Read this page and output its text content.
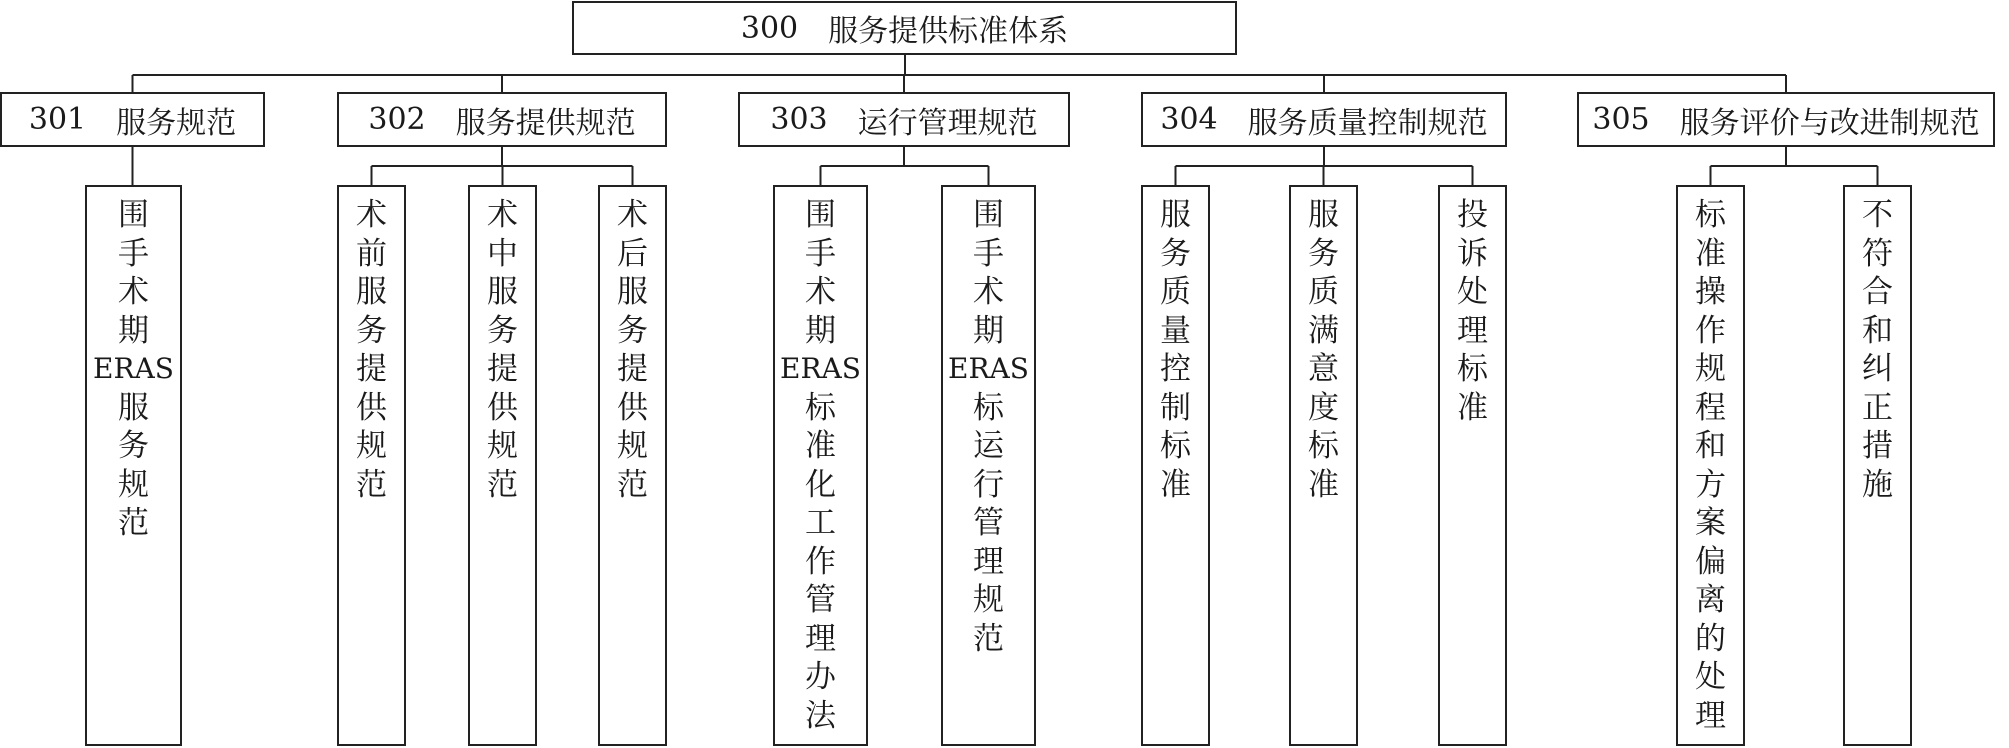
300 服务提供标准体系
301 服务规范
围
手
术
期
ERAS
服
务
规
范
302 服务提供规范
术
前
服
务
提
供
规
范
术
中
服
务
提
供
规
范
术
后
服
务
提
供
规
范
303 运行管理规范
围
手
术
期
ERAS
标
准
化
工
作
管
理
办
法
围
手
术
期
ERAS
标
运
行
管
理
规
范
304 服务质量控制规范
服
务
质
量
控
制
标
准
服
务
质
满
意
度
标
准
投
诉
处
理
标
准
305 服务评价与改进制规范
标
准
操
作
规
程
和
方
案
偏
离
的
处
理
不
符
合
和
纠
正
措
施
